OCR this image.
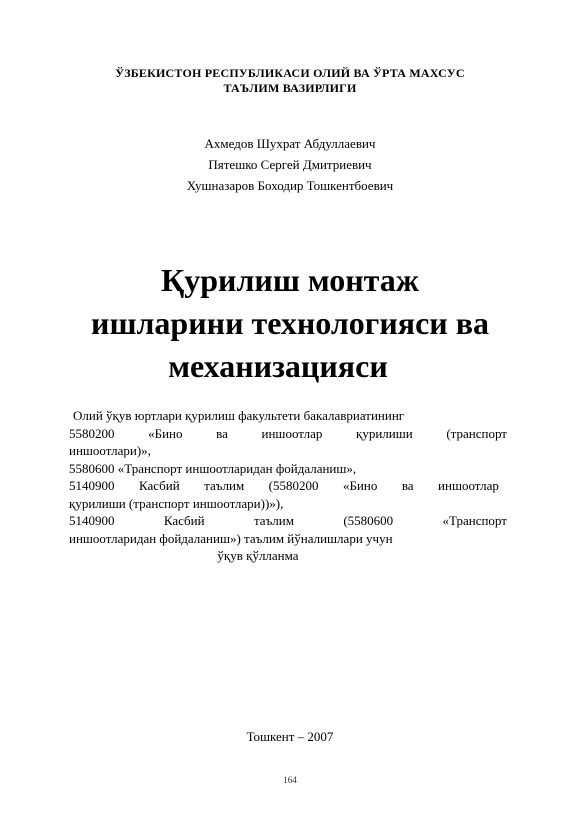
ЎЗБЕКИСТОН РЕСПУБЛИКАСИ ОЛИЙ ВА ЎРТА МАХСУС
ТАЪЛИМ ВАЗИРЛИГИ
Ахмедов Шухрат Абдуллаевич
Пятешко Сергей Дмитриевич
Хушназаров Боходир Тошкентбоевич
Қурилиш монтаж
ишларини технологияси ва
механизацияси
Олий ўқув юртлари қурилиш факультети бакалавриатининг
5580200	«Бино	ва	иншоотлар	қурилиши	(транспорт
иншоотлари)»,
5580600 «Транспорт иншоотларидан фойдаланиш»,
5140900 Касбий таълим (5580200 «Бино ва иншоотлар
қурилиши (транспорт иншоотлари))»),
5140900	Касбий	таълим	(5580600	«Транспорт
иншоотларидан фойдаланиш») таълим йўналишлари учун
ўқув қўлланма
Тошкент – 2007
164
